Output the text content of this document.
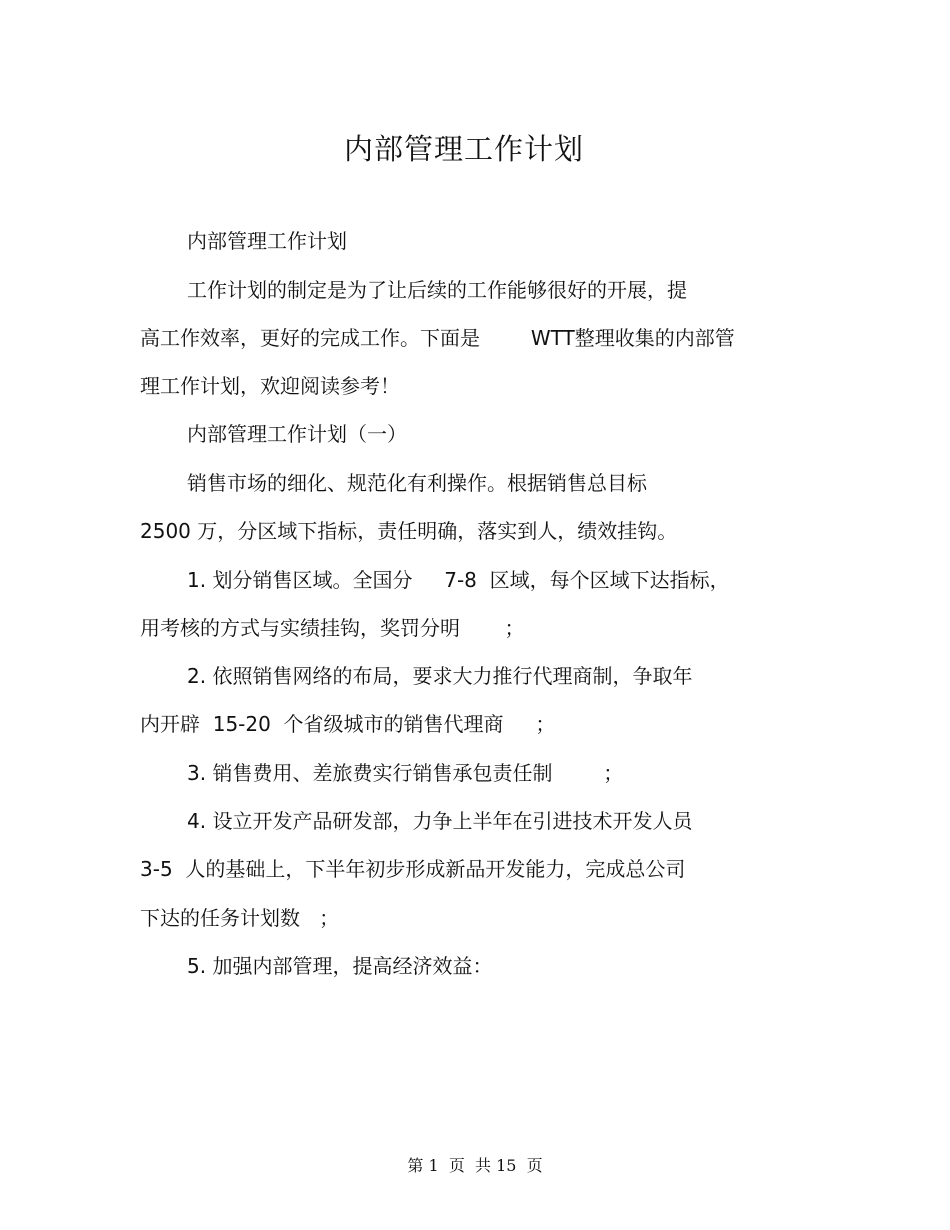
内部管理工作计划
内部管理工作计划
工作计划的制定是为了让后续的工作能够很好的开展，提
高工作效率，更好的完成工作。下面是        WTT整理收集的内部管
理工作计划，欢迎阅读参考！
内部管理工作计划（一）
销售市场的细化、规范化有利操作。根据销售总目标
2500 万，分区域下指标，责任明确，落实到人，绩效挂钩。
1. 划分销售区域。全国分     7-8  区域，每个区域下达指标，
用考核的方式与实绩挂钩，奖罚分明       ；
2. 依照销售网络的布局，要求大力推行代理商制，争取年
内开辟  15-20  个省级城市的销售代理商     ；
3. 销售费用、差旅费实行销售承包责任制        ；
4. 设立开发产品研发部，力争上半年在引进技术开发人员
3-5  人的基础上，下半年初步形成新品开发能力，完成总公司
下达的任务计划数   ；
5. 加强内部管理，提高经济效益：
第 1  页  共 15  页
